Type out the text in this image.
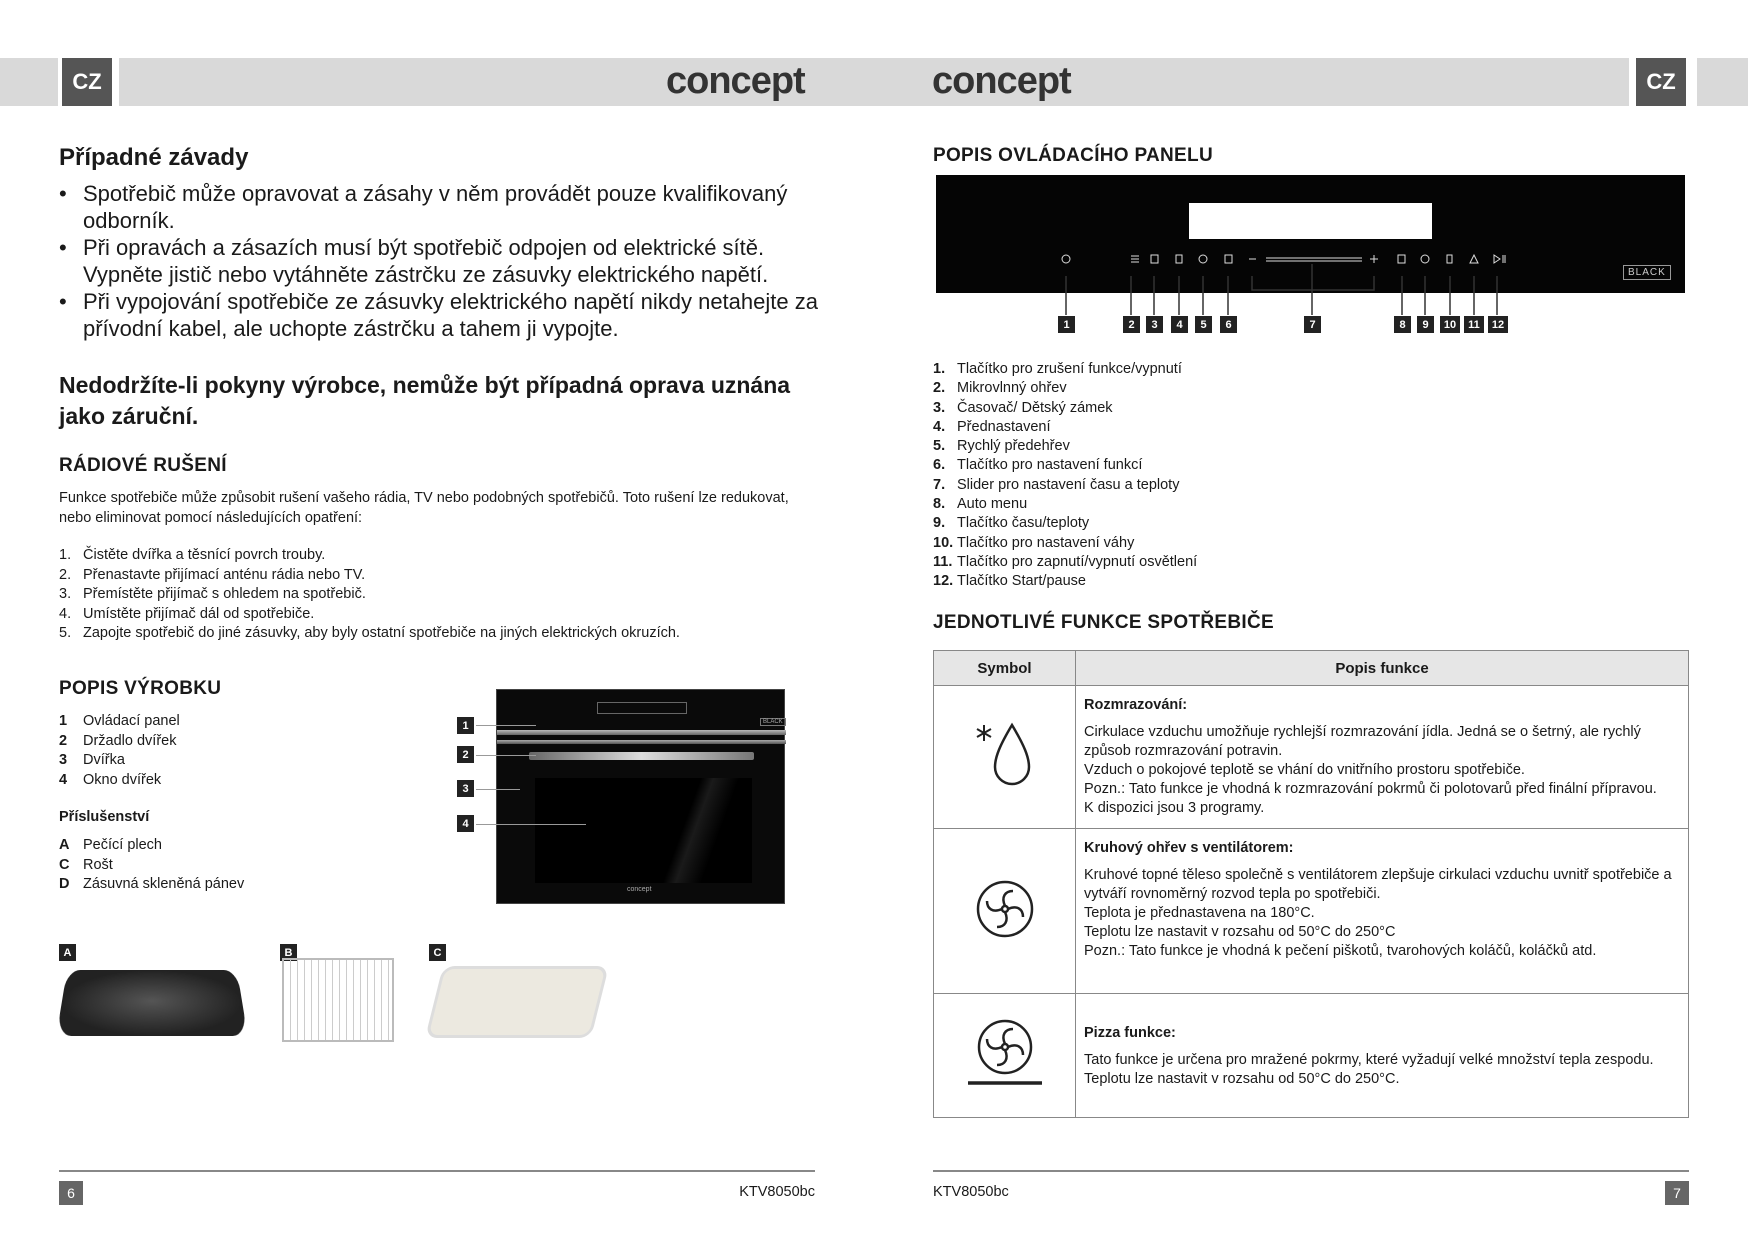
CZ	CZ
concept	concept
Případné závady
• Spotřebič může opravovat a zásahy v něm provádět pouze kvalifikovaný odborník.
• Při opravách a zásazích musí být spotřebič odpojen od elektrické sítě. Vypněte jistič nebo vytáhněte zástrčku ze zásuvky elektrického napětí.
• Při vypojování spotřebiče ze zásuvky elektrického napětí nikdy netahejte za přívodní kabel, ale uchopte zástrčku a tahem ji vypojte.
Nedodržíte-li pokyny výrobce, nemůže být případná oprava uznána jako záruční.
RÁDIOVÉ RUŠENÍ
Funkce spotřebiče může způsobit rušení vašeho rádia, TV nebo podobných spotřebičů. Toto rušení lze redukovat, nebo eliminovat pomocí následujících opatření:
1. Čistěte dvířka a těsnící povrch trouby.
2. Přenastavte přijímací anténu rádia nebo TV.
3. Přemístěte přijímač s ohledem na spotřebič.
4. Umístěte přijímač dál od spotřebiče.
5. Zapojte spotřebič do jiné zásuvky, aby byly ostatní spotřebiče na jiných elektrických okruzích.
POPIS VÝROBKU
1	Ovládací panel
2	Držadlo dvířek
3	Dvířka
4	Okno dvířek
Příslušenství
A Pečící plech
C Rošt
D Zásuvná skleněná pánev
BLACK
concept
1
2
3
4
A	B	C
6	KTV8050bc
POPIS OVLÁDACÍHO PANELU
BLACK
1	2	3	4	5	6	7	8	9	10	11	12
1. Tlačítko pro zrušení funkce/vypnutí
2. Mikrovlnný ohřev
3. Časovač/ Dětský zámek
4. Přednastavení
5. Rychlý předehřev
6. Tlačítko pro nastavení funkcí
7. Slider pro nastavení času a teploty
8. Auto menu
9. Tlačítko času/teploty
10. Tlačítko pro nastavení váhy
11. Tlačítko pro zapnutí/vypnutí osvětlení
12. Tlačítko Start/pause
JEDNOTLIVÉ FUNKCE SPOTŘEBIČE
Symbol	Popis funkce

Rozmrazování:
Cirkulace vzduchu umožňuje rychlejší rozmrazování jídla. Jedná se o šetrný, ale rychlý způsob rozmrazování potravin.
Vzduch o pokojové teplotě se vhání do vnitřního prostoru spotřebiče.
Pozn.: Tato funkce je vhodná k rozmrazování pokrmů či polotovarů před finální přípravou.
K dispozici jsou 3 programy.

Kruhový ohřev s ventilátorem:
Kruhové topné těleso společně s ventilátorem zlepšuje cirkulaci vzduchu uvnitř spotřebiče a vytváří rovnoměrný rozvod tepla po spotřebiči.
Teplota je přednastavena na 180°C.
Teplotu lze nastavit v rozsahu od 50°C do 250°C
Pozn.: Tato funkce je vhodná k pečení piškotů, tvarohových koláčů, koláčků atd.

Pizza funkce:
Tato funkce je určena pro mražené pokrmy, které vyžadují velké množství tepla zespodu.
Teplotu lze nastavit v rozsahu od 50°C do 250°C.
KTV8050bc	7
